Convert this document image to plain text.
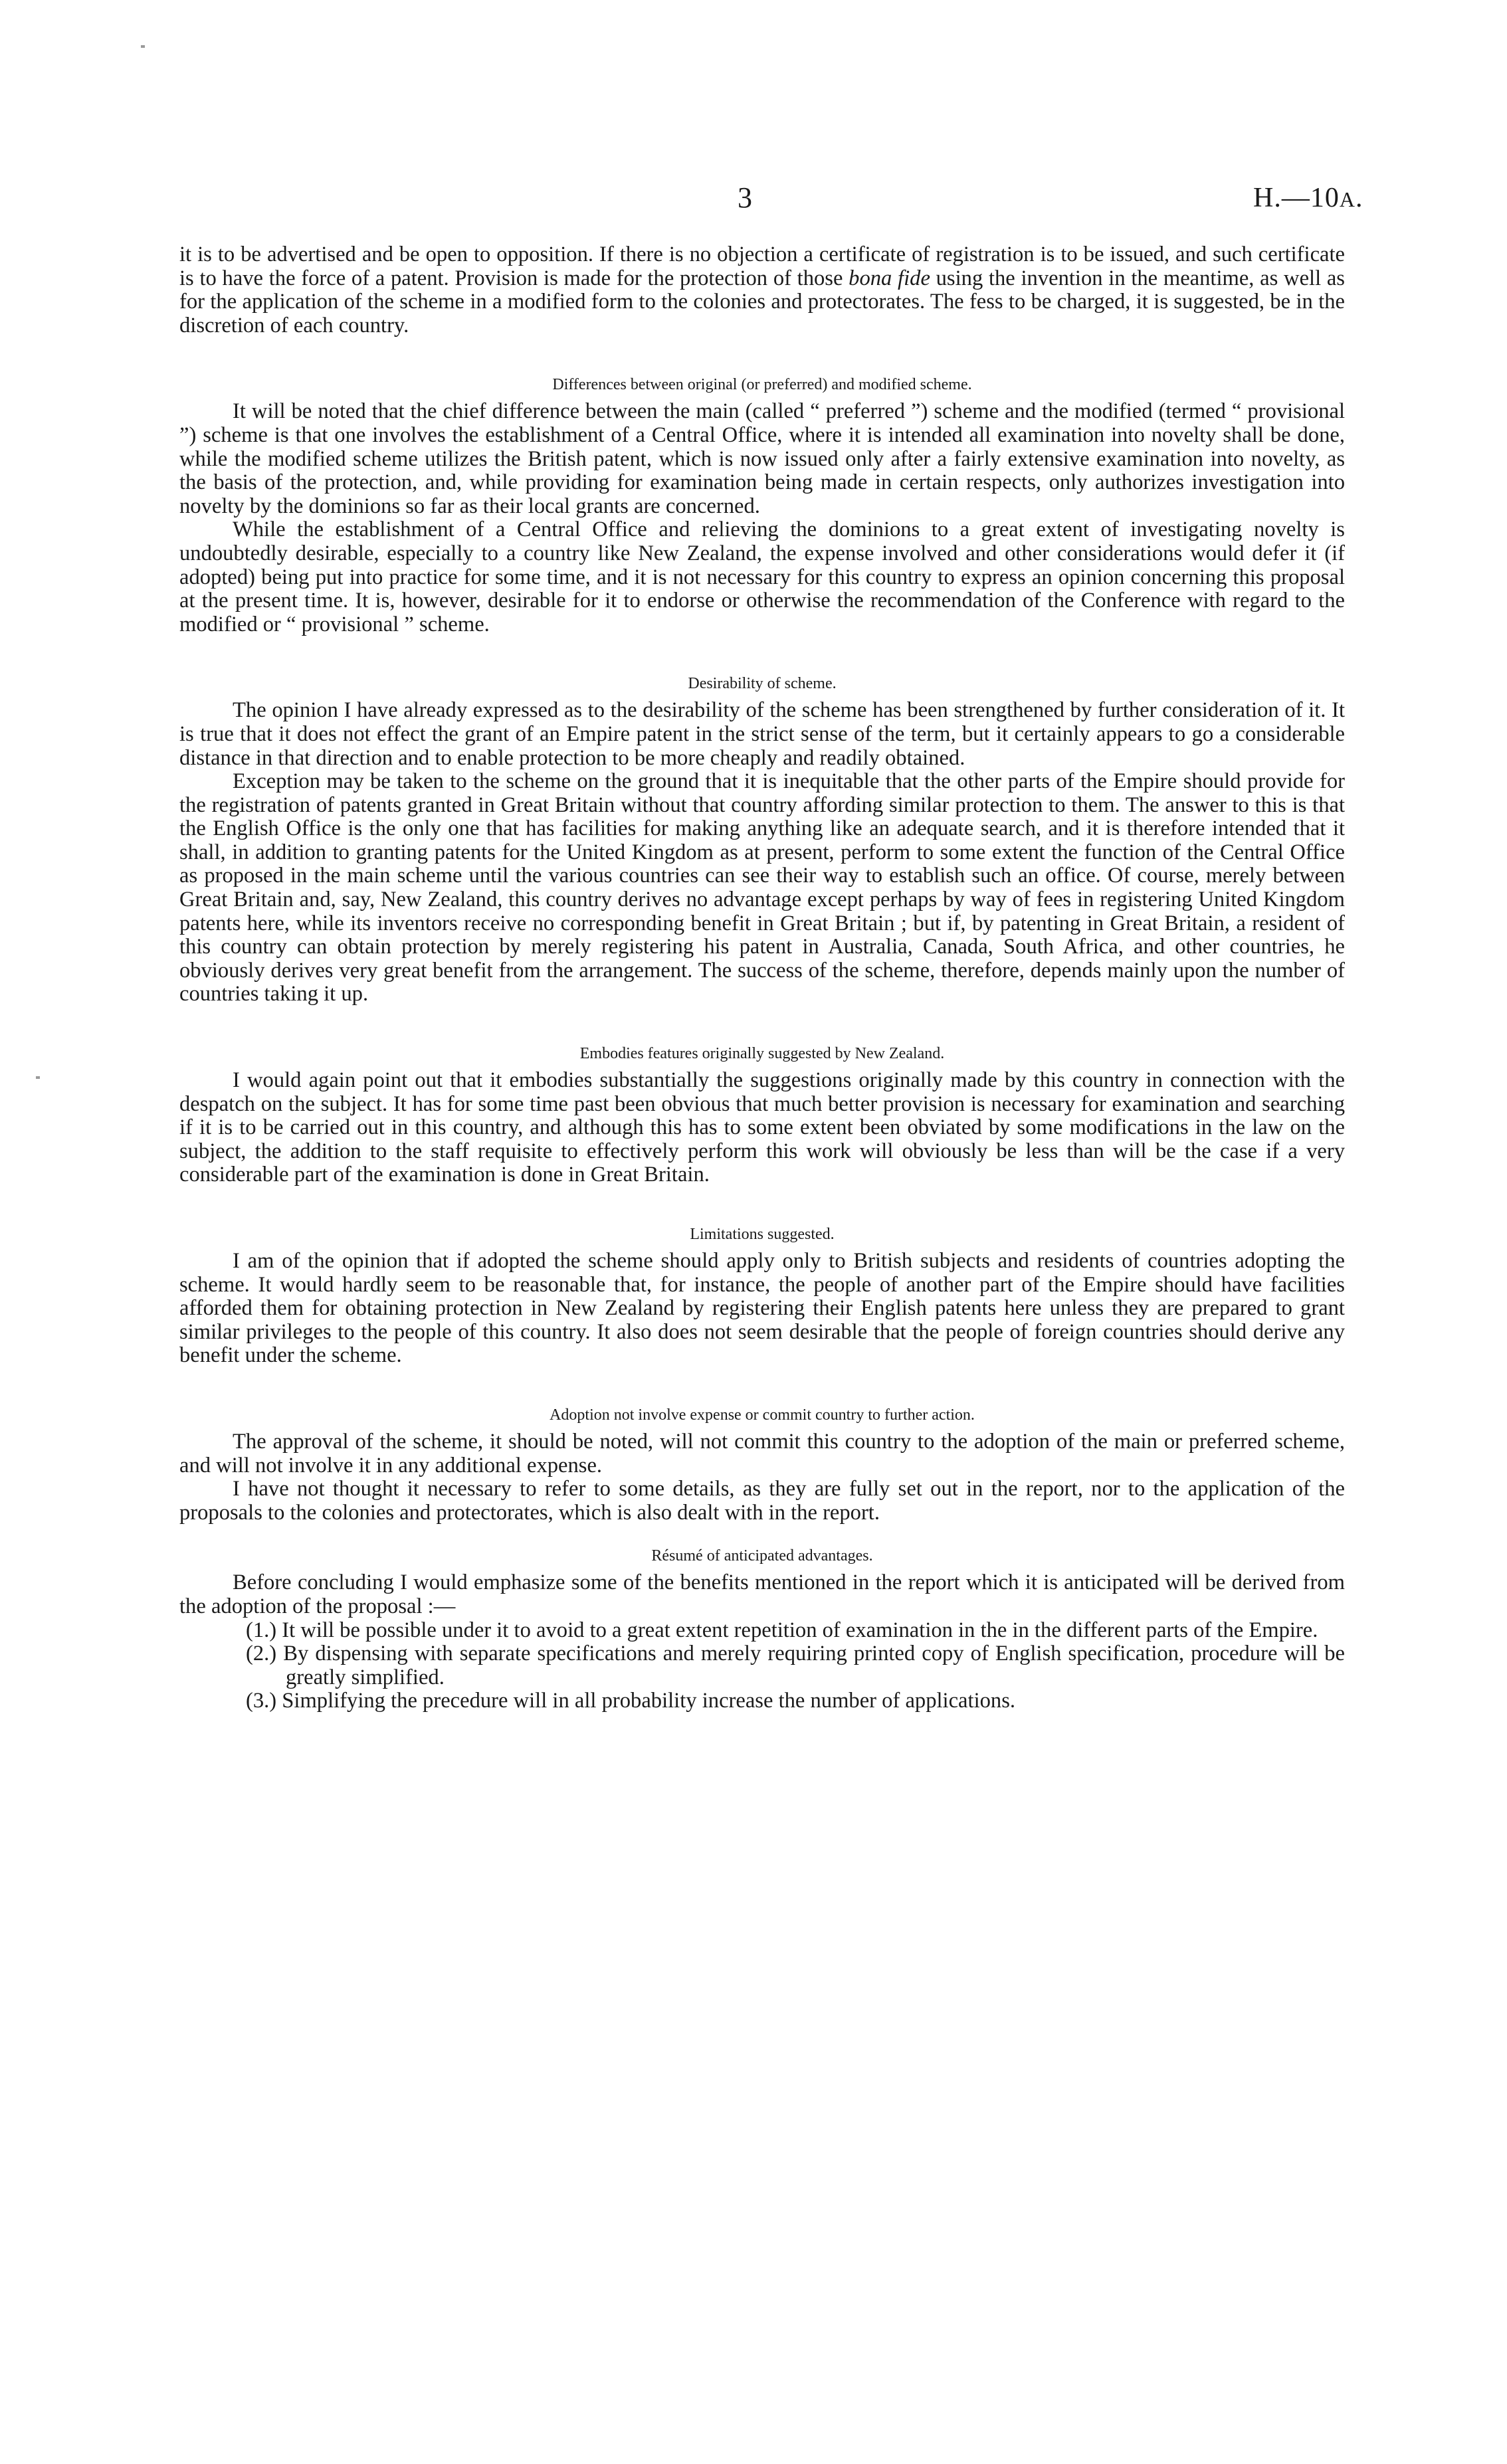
3	H.—10A.

it is to be advertised and be open to opposition. If there is no objection a certificate of registration is to be issued, and such certificate is to have the force of a patent. Provision is made for the protection of those bona fide using the invention in the meantime, as well as for the application of the scheme in a modified form to the colonies and protectorates. The fess to be charged, it is suggested, be in the discretion of each country.

Differences between original (or preferred) and modified scheme.

It will be noted that the chief difference between the main (called “ preferred ”) scheme and the modified (termed “ provisional ”) scheme is that one involves the establishment of a Central Office, where it is intended all examination into novelty shall be done, while the modified scheme utilizes the British patent, which is now issued only after a fairly extensive examination into novelty, as the basis of the protection, and, while providing for examination being made in certain respects, only authorizes investigation into novelty by the dominions so far as their local grants are concerned.

While the establishment of a Central Office and relieving the dominions to a great extent of investigating novelty is undoubtedly desirable, especially to a country like New Zealand, the expense involved and other considerations would defer it (if adopted) being put into practice for some time, and it is not necessary for this country to express an opinion concerning this proposal at the present time. It is, however, desirable for it to endorse or otherwise the recommendation of the Conference with regard to the modified or “ provisional ” scheme.

Desirability of scheme.

The opinion I have already expressed as to the desirability of the scheme has been strengthened by further consideration of it. It is true that it does not effect the grant of an Empire patent in the strict sense of the term, but it certainly appears to go a considerable distance in that direction and to enable protection to be more cheaply and readily obtained.

Exception may be taken to the scheme on the ground that it is inequitable that the other parts of the Empire should provide for the registration of patents granted in Great Britain without that country affording similar protection to them. The answer to this is that the English Office is the only one that has facilities for making anything like an adequate search, and it is therefore intended that it shall, in addition to granting patents for the United Kingdom as at present, perform to some extent the function of the Central Office as proposed in the main scheme until the various countries can see their way to establish such an office. Of course, merely between Great Britain and, say, New Zealand, this country derives no advantage except perhaps by way of fees in registering United Kingdom patents here, while its inventors receive no corresponding benefit in Great Britain ; but if, by patenting in Great Britain, a resident of this country can obtain protection by merely registering his patent in Australia, Canada, South Africa, and other countries, he obviously derives very great benefit from the arrangement. The success of the scheme, therefore, depends mainly upon the number of countries taking it up.

Embodies features originally suggested by New Zealand.

I would again point out that it embodies substantially the suggestions originally made by this country in connection with the despatch on the subject. It has for some time past been obvious that much better provision is necessary for examination and searching if it is to be carried out in this country, and although this has to some extent been obviated by some modifications in the law on the subject, the addition to the staff requisite to effectively perform this work will obviously be less than will be the case if a very considerable part of the examination is done in Great Britain.

Limitations suggested.

I am of the opinion that if adopted the scheme should apply only to British subjects and residents of countries adopting the scheme. It would hardly seem to be reasonable that, for instance, the people of another part of the Empire should have facilities afforded them for obtaining protection in New Zealand by registering their English patents here unless they are prepared to grant similar privileges to the people of this country. It also does not seem desirable that the people of foreign countries should derive any benefit under the scheme.

Adoption not involve expense or commit country to further action.

The approval of the scheme, it should be noted, will not commit this country to the adoption of the main or preferred scheme, and will not involve it in any additional expense.

I have not thought it necessary to refer to some details, as they are fully set out in the report, nor to the application of the proposals to the colonies and protectorates, which is also dealt with in the report.

Résumé of anticipated advantages.

Before concluding I would emphasize some of the benefits mentioned in the report which it is anticipated will be derived from the adoption of the proposal :—

(1.) It will be possible under it to avoid to a great extent repetition of examination in the in the different parts of the Empire.

(2.) By dispensing with separate specifications and merely requiring printed copy of English specification, procedure will be greatly simplified.

(3.) Simplifying the precedure will in all probability increase the number of applications.
